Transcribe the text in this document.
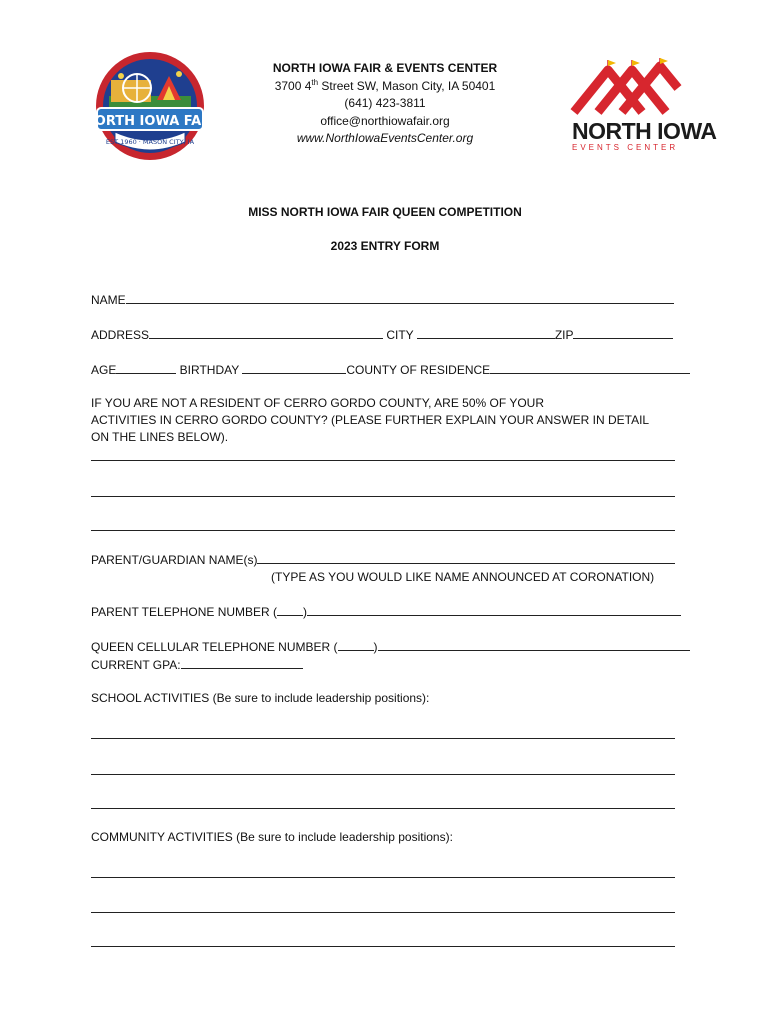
NORTH IOWA FAIR
EST 1960 · MASON CITY, IA
NORTH IOWA FAIR & EVENTS CENTER
3700 4th Street SW, Mason City, IA 50401
(641) 423-3811
office@northiowafair.org
www.NorthIowaEventsCenter.org	NORTH IOWA
EVENTS CENTER
MISS NORTH IOWA FAIR QUEEN COMPETITION
2023 ENTRY FORM
NAME
ADDRESS	CITY	ZIP
AGE	BIRTHDAY	COUNTY OF RESIDENCE
IF YOU ARE NOT A RESIDENT OF CERRO GORDO COUNTY, ARE 50% OF YOUR
ACTIVITIES IN CERRO GORDO COUNTY? (PLEASE FURTHER EXPLAIN YOUR ANSWER IN DETAIL
ON THE LINES BELOW).
PARENT/GUARDIAN NAME(s)
(TYPE AS YOU WOULD LIKE NAME ANNOUNCED AT CORONATION)
PARENT TELEPHONE NUMBER ( )
QUEEN CELLULAR TELEPHONE NUMBER (	)
CURRENT GPA:
SCHOOL ACTIVITIES (Be sure to include leadership positions):
COMMUNITY ACTIVITIES (Be sure to include leadership positions):
